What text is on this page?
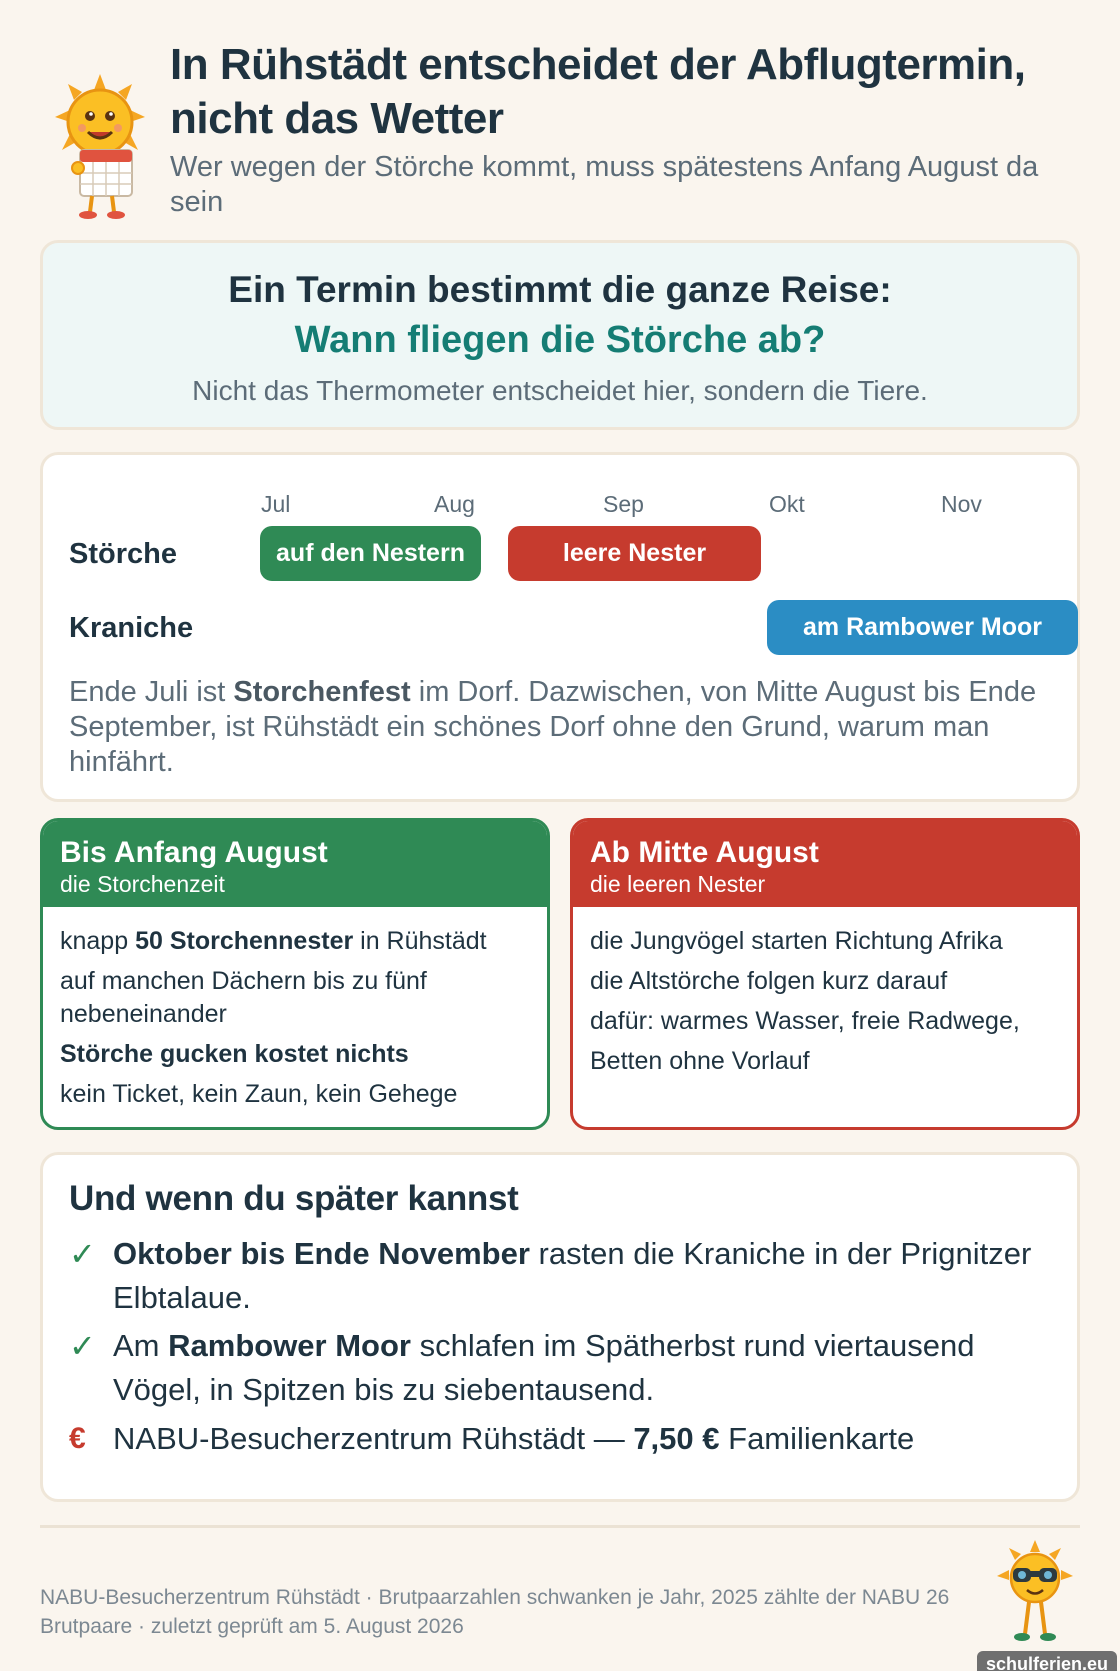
In Rühstädt entscheidet der Abflugtermin, nicht das Wetter

Wer wegen der Störche kommt, muss spätestens Anfang August da sein

Ein Termin bestimmt die ganze Reise:
Wann fliegen die Störche ab?
Nicht das Thermometer entscheidet hier, sondern die Tiere.
Jul	Aug	Sep	Okt	Nov
Störche	auf den Nestern	leere Nester
Kraniche	am Rambower Moor

Ende Juli ist Storchenfest im Dorf. Dazwischen, von Mitte August bis Ende September, ist Rühstädt ein schönes Dorf ohne den Grund, warum man hinfährt.

Bis Anfang August
die Storchenzeit

knapp 50 Storchennester in Rühstädt

auf manchen Dächern bis zu fünf nebeneinander

Störche gucken kostet nichts

kein Ticket, kein Zaun, kein Gehege

Ab Mitte August
die leeren Nester

die Jungvögel starten Richtung Afrika

die Altstörche folgen kurz darauf

dafür: warmes Wasser, freie Radwege,

Betten ohne Vorlauf

Und wenn du später kannst
✓ Oktober bis Ende November rasten die Kraniche in der Prignitzer Elbtalaue.

✓ Am Rambower Moor schlafen im Spätherbst rund viertausend Vögel, in Spitzen bis zu siebentausend.

€ NABU-Besucherzentrum Rühstädt — 7,50 € Familienkarte

NABU-Besucherzentrum Rühstädt · Brutpaarzahlen schwanken je Jahr, 2025 zählte der NABU 26 Brutpaare · zuletzt geprüft am 5. August 2026

schulferien.eu
